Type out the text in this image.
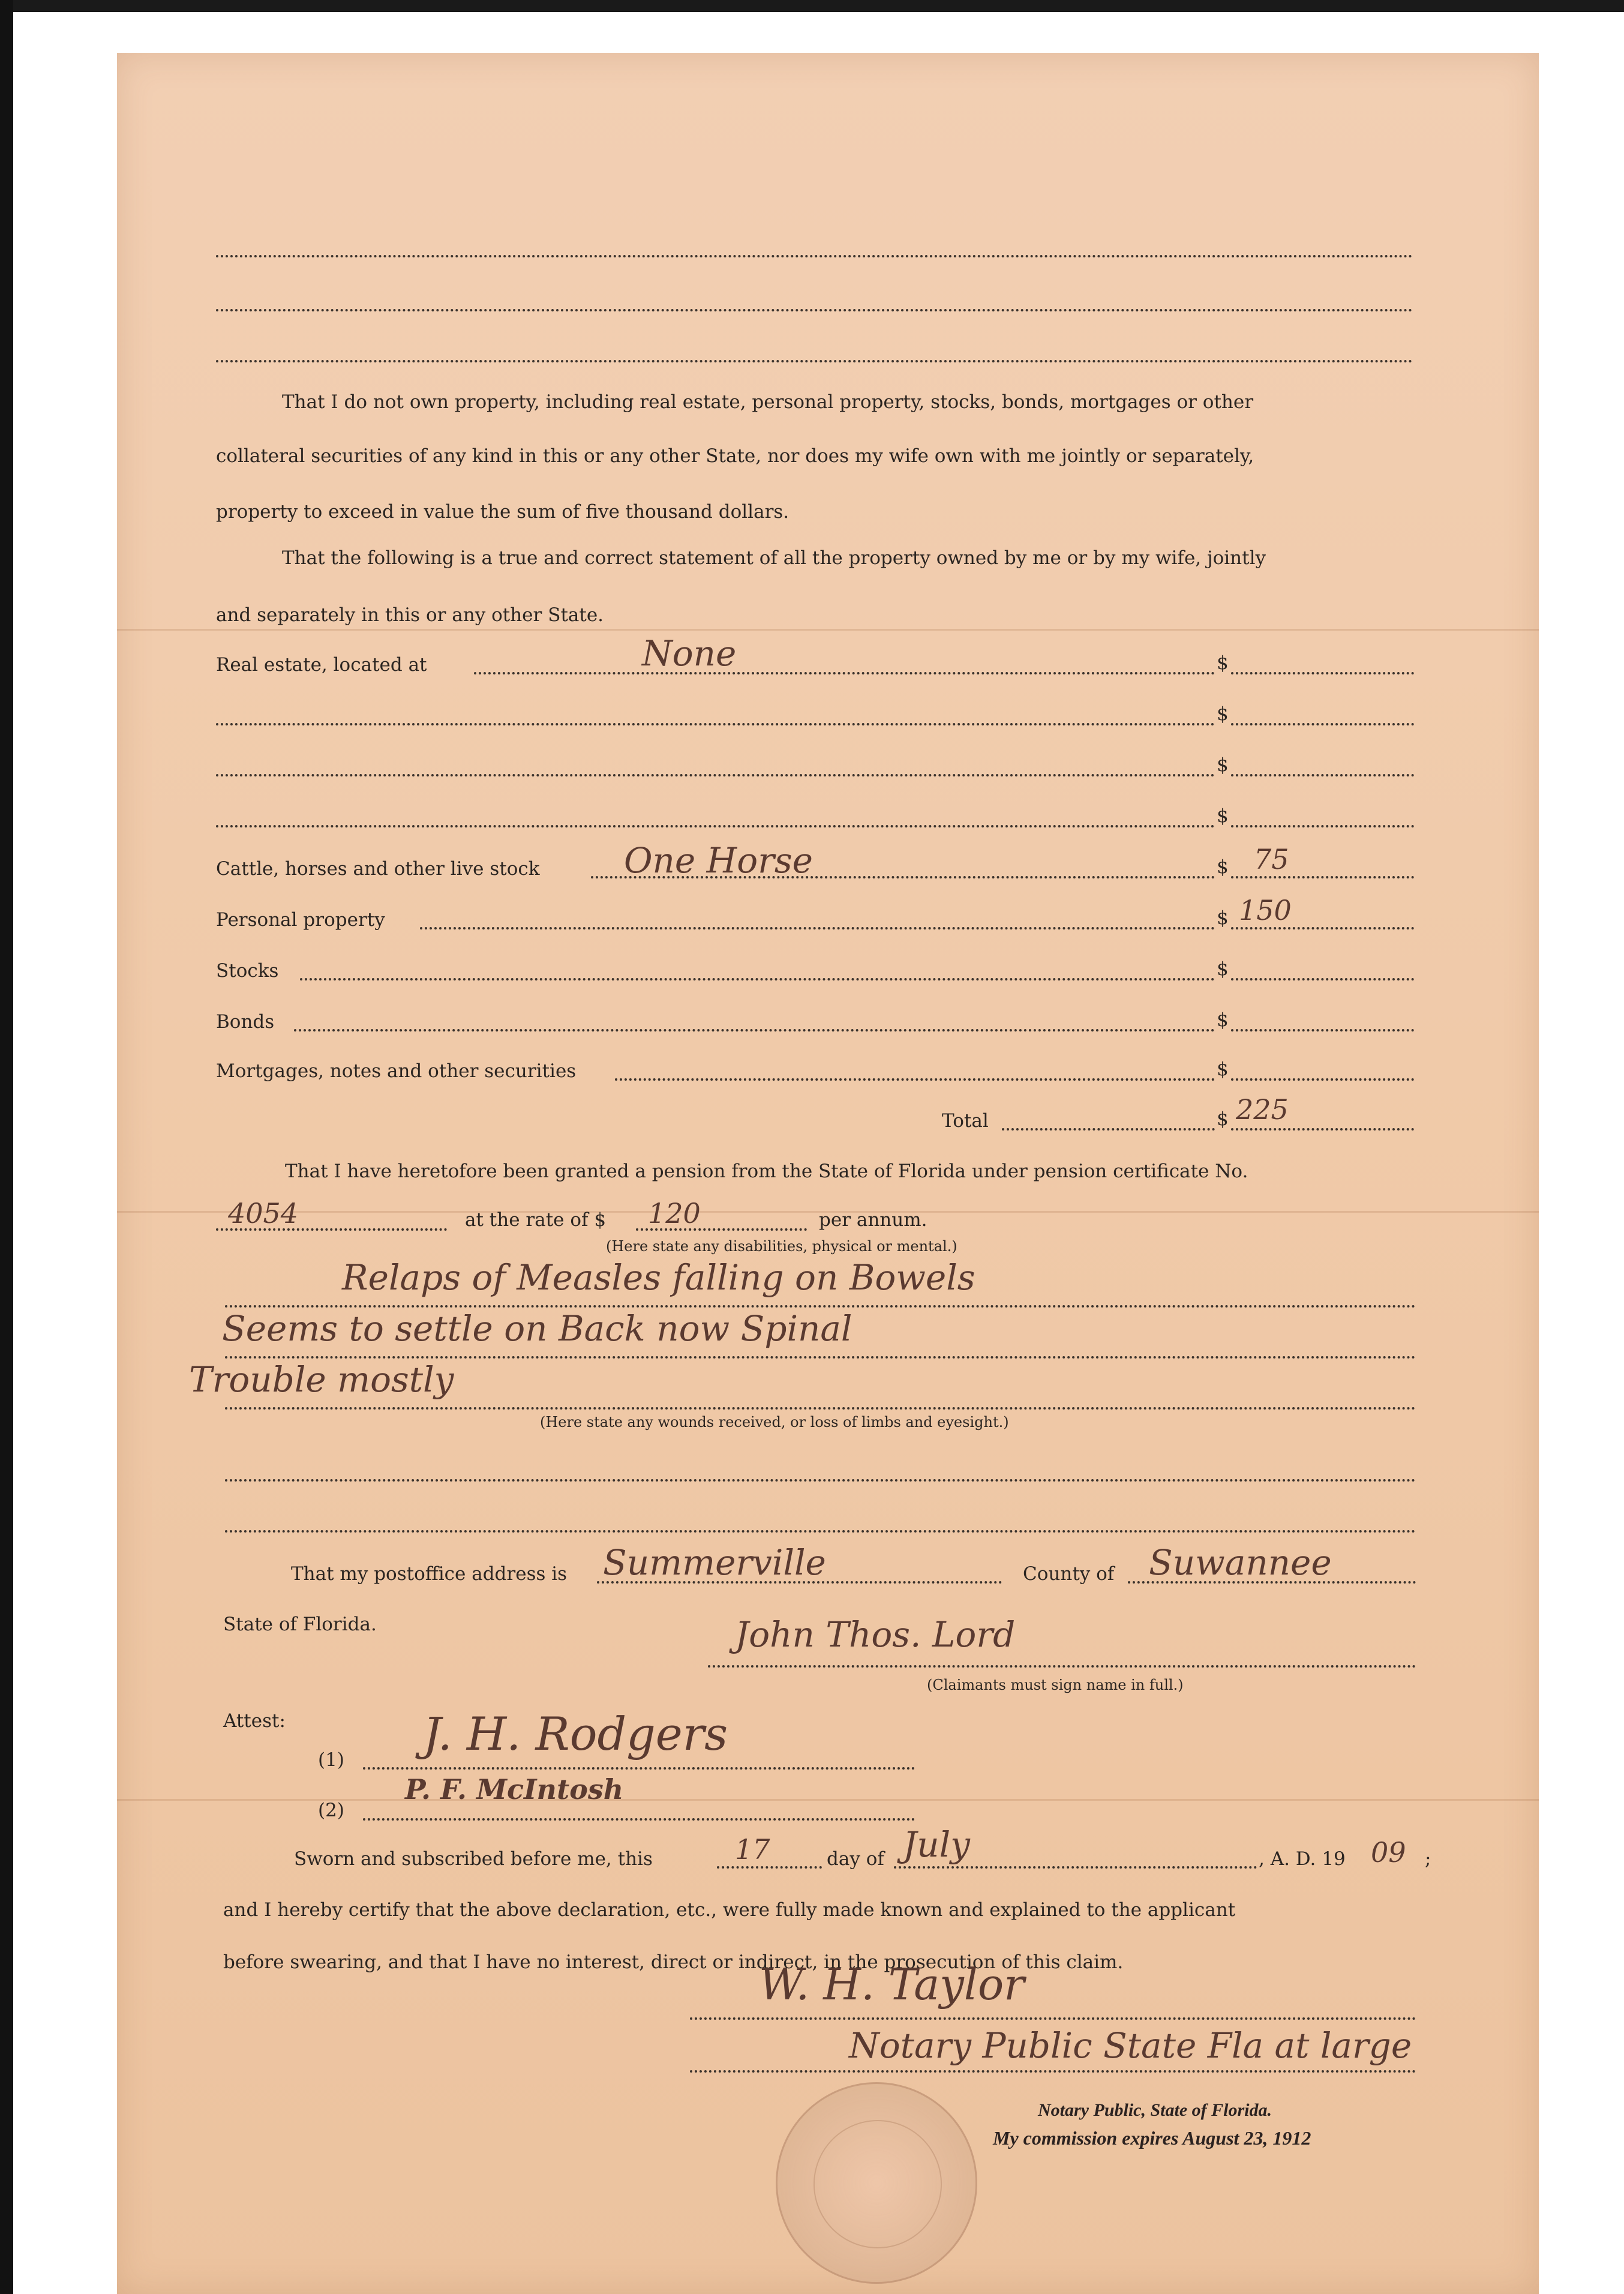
That I do not own property, including real estate, personal property, stocks, bonds, mortgages or other
collateral securities of any kind in this or any other State, nor does my wife own with me jointly or separately,
property to exceed in value the sum of five thousand dollars.
That the following is a true and correct statement of all the property owned by me or by my wife, jointly
and separately in this or any other State.
Real estate, located at	None	$
$
$
$
Cattle, horses and other live stock One Horse	$ 75
Personal property	$ 150
Stocks	$
Bonds	$
Mortgages, notes and other securities	$
Total	$ 225
That I have heretofore been granted a pension from the State of Florida under pension certificate No.
4054	at the rate of $ 120	per annum.
(Here state any disabilities, physical or mental.)
Relaps of Measles falling on Bowels
Seems to settle on Back now Spinal
Trouble mostly
(Here state any wounds received, or loss of limbs and eyesight.)
That my postoffice address is Summerville	County of Suwannee
State of Florida.	John Thos. Lord
(Claimants must sign name in full.)
Attest:
(1) J. H. Rodgers
(2)
P. F. McIntosh
Sworn and subscribed before me, this	17	day of July	, A. D. 19 09 ;
and I hereby certify that the above declaration, etc., were fully made known and explained to the applicant
before swearing, and that I have no interest, direct or indirect, in the prosecution of this claim.
W. H. Taylor
Notary Public State Fla at large
Notary Public, State of Florida.
My commission expires August 23, 1912
